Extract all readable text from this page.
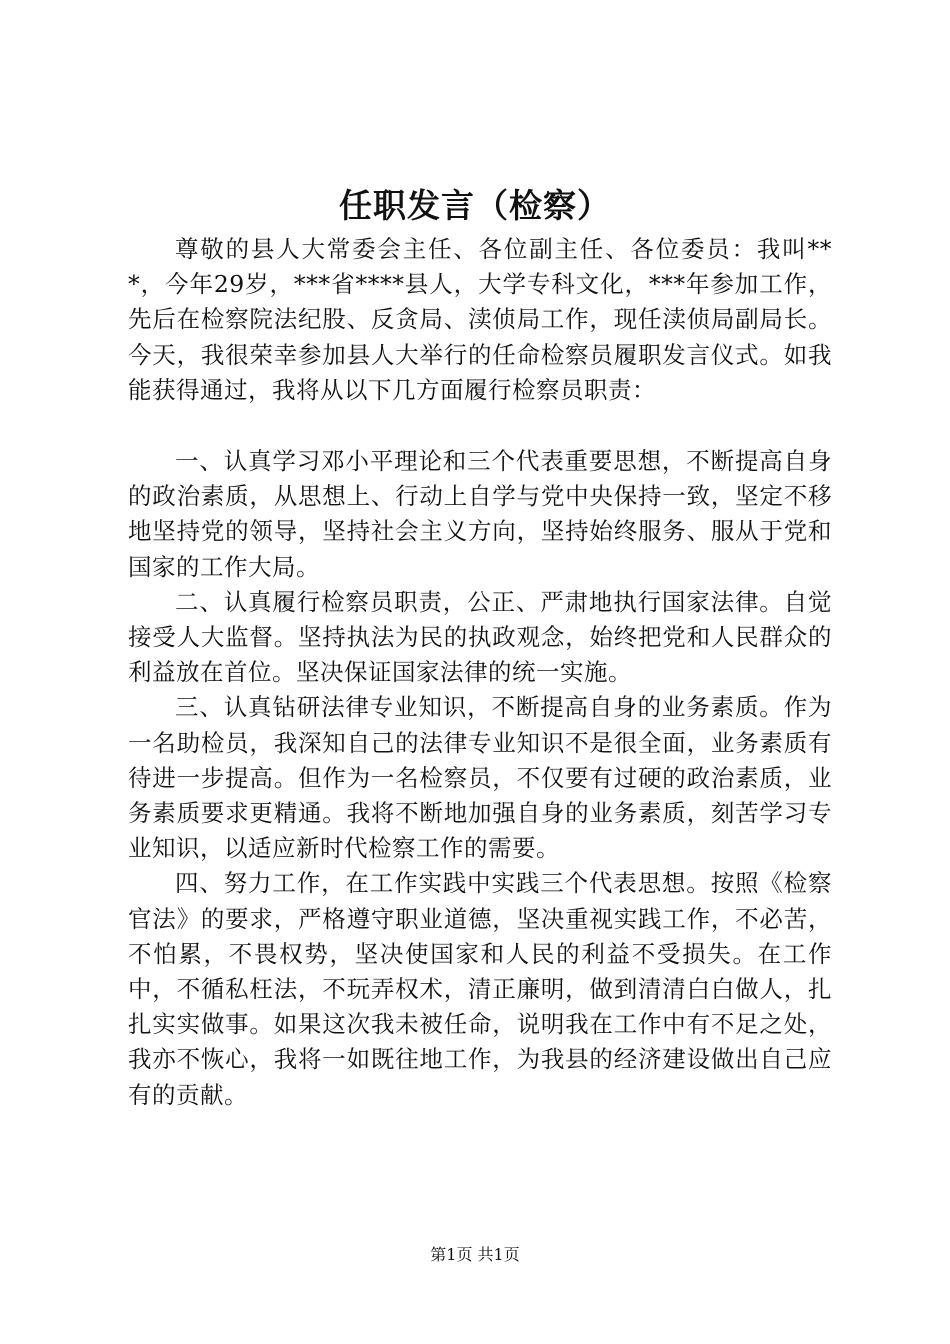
任职发言（检察）

尊敬的县人大常委会主任、各位副主任、各位委员：我叫***，今年29岁，***省****县人，大学专科文化，***年参加工作，先后在检察院法纪股、反贪局、渎侦局工作，现任渎侦局副局长。今天，我很荣幸参加县人大举行的任命检察员履职发言仪式。如我能获得通过，我将从以下几方面履行检察员职责：

一、认真学习邓小平理论和三个代表重要思想，不断提高自身的政治素质，从思想上、行动上自学与党中央保持一致，坚定不移地坚持党的领导，坚持社会主义方向，坚持始终服务、服从于党和国家的工作大局。

二、认真履行检察员职责，公正、严肃地执行国家法律。自觉接受人大监督。坚持执法为民的执政观念，始终把党和人民群众的利益放在首位。坚决保证国家法律的统一实施。

三、认真钻研法律专业知识，不断提高自身的业务素质。作为一名助检员，我深知自己的法律专业知识不是很全面，业务素质有待进一步提高。但作为一名检察员，不仅要有过硬的政治素质，业务素质要求更精通。我将不断地加强自身的业务素质，刻苦学习专业知识，以适应新时代检察工作的需要。

四、努力工作，在工作实践中实践三个代表思想。按照《检察官法》的要求，严格遵守职业道德，坚决重视实践工作，不必苦，不怕累，不畏权势，坚决使国家和人民的利益不受损失。在工作中，不循私枉法，不玩弄权术，清正廉明，做到清清白白做人，扎扎实实做事。如果这次我未被任命，说明我在工作中有不足之处，我亦不恢心，我将一如既往地工作，为我县的经济建设做出自己应有的贡献。

第1页 共1页
